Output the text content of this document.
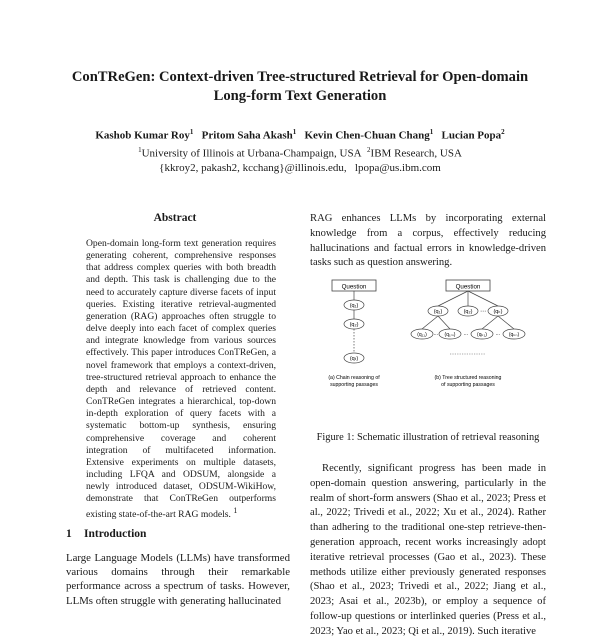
ConTReGen: Context-driven Tree-structured Retrieval for Open-domain
Long-form Text Generation
Kashob Kumar Roy$^1$ Pritom Saha Akash$^1$ Kevin Chen-Chuan Chang$^1$ Lucian Popa$^2$
$^1$University of Illinois at Urbana-Champaign, USA $^2$IBM Research, USA
{kkroy2, pakash2, kcchang}@illinois.edu, lpopa@us.ibm.com
Abstract

Open-domain long-form text generation requires generating coherent, comprehensive responses that address complex queries with both breadth and depth. This task is challenging due to the need to accurately capture diverse facets of input queries. Existing iterative retrieval-augmented generation (RAG) approaches often struggle to delve deeply into each facet of complex queries and integrate knowledge from various sources effectively. This paper introduces ConTReGen, a novel framework that employs a context-driven, tree-structured retrieval approach to enhance the depth and relevance of retrieved content. ConTReGen integrates a hierarchical, top-down in-depth exploration of query facets with a systematic bottom-up synthesis, ensuring comprehensive coverage and coherent integration of multifaceted information. Extensive experiments on multiple datasets, including LFQA and ODSUM, alongside a newly introduced dataset, ODSUM-WikiHow, demonstrate that ConTReGen outperforms existing state-of-the-art RAG models. $^1$

1 Introduction

Large Language Models (LLMs) have transformed various domains through their remarkable performance across a spectrum of tasks. However, LLMs often struggle with generating hallucinated

RAG enhances LLMs by incorporating external knowledge from a corpus, effectively reducing hallucinations and factual errors in knowledge-driven tasks such as question answering.

Question
(q₁)
(q₂)
(qₜ)
(a) Chain reasoning of
supporting passages
Question
(q₁)	(q₂) ⋯ (qₖ)
(q₁₁) ⋯ (q₁ₘ) ⋯ (qₖ₁) ⋯ (qₖₙ)
(b) Tree structured reasoning
of supporting passages
Figure 1: Schematic illustration of retrieval reasoning

Recently, significant progress has been made in open-domain question answering, particularly in the realm of short-form answers (Shao et al., 2023; Press et al., 2022; Trivedi et al., 2022; Xu et al., 2024). Rather than adhering to the traditional one-step retrieve-then-generation approach, recent works increasingly adopt iterative retrieval processes (Gao et al., 2023). These methods utilize either previously generated responses (Shao et al., 2023; Trivedi et al., 2022; Jiang et al., 2023; Asai et al., 2023b), or employ a sequence of follow-up questions or interlinked queries (Press et al., 2023; Yao et al., 2023; Qi et al., 2019). Such iterative
